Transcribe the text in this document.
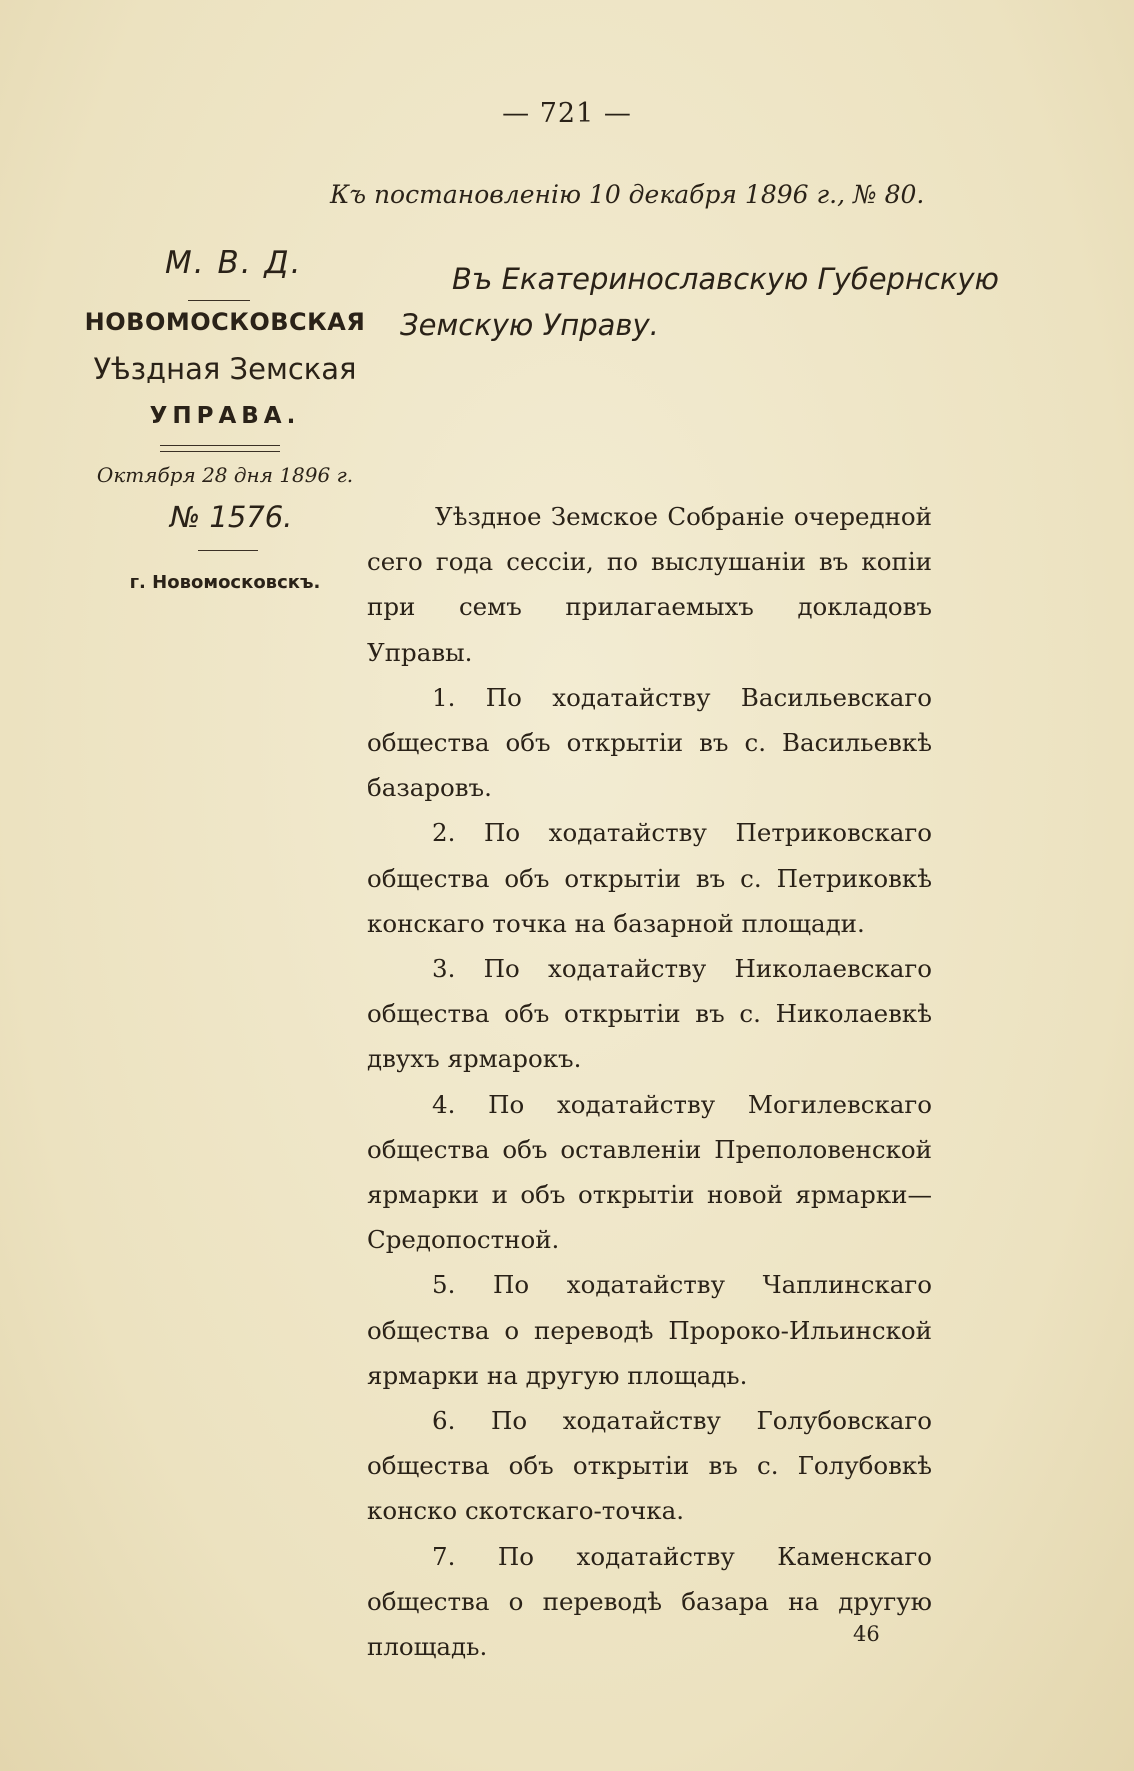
— 721 —
Къ постановленію 10 декабря 1896 г., № 80.
М. В. Д.
НОВОМОСКОВСКАЯ
Уѣздная Земская
УПРАВА.
Октября 28 дня 1896 г.
№ 1576.
г. Новомосковскъ.
Въ Екатеринославскую Губернскую
Земскую Управу.

Уѣздное Земское Собраніе очередной сего года сессіи, по выслушаніи въ копіи при семъ прилагаемыхъ докладовъ Управы.

1. По ходатайству Васильевскаго общества объ открытіи въ с. Васильевкѣ базаровъ.

2. По ходатайству Петриковскаго общества объ открытіи въ с. Петриковкѣ конскаго точка на базарной площади.

3. По ходатайству Николаевскаго общества объ открытіи въ с. Николаевкѣ двухъ ярмарокъ.

4. По ходатайству Могилевскаго общества объ оставленіи Преполовенской ярмарки и объ открытіи новой ярмарки— Средопостной.

5. По ходатайству Чаплинскаго общества о переводѣ Пророко-Ильинской ярмарки на другую площадь.

6. По ходатайству Голубовскаго общества объ открытіи въ с. Голубовкѣ конско скотскаго-точка.

7. По ходатайству Каменскаго общества о переводѣ базара на другую площадь.	46
